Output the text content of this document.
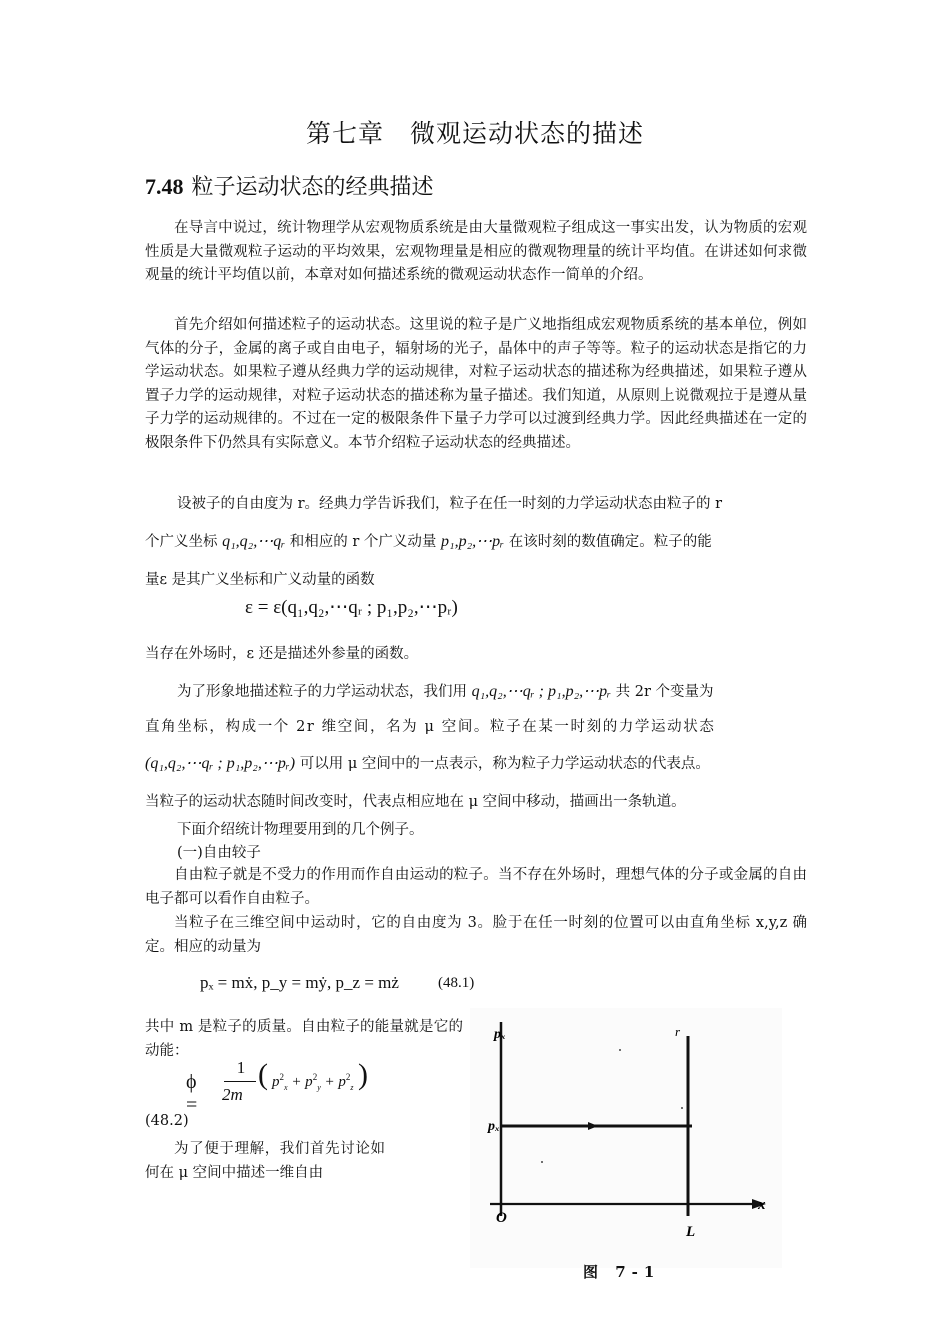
第七章　微观运动状态的描述
7.48 粒子运动状态的经典描述
在导言中说过，统计物理学从宏观物质系统是由大量微观粒子组成这一事实出发，认为物质的宏观性质是大量微观粒子运动的平均效果，宏观物理量是相应的微观物理量的统计平均值。在讲述如何求微观量的统计平均值以前，本章对如何描述系统的微观运动状态作一简单的介绍。
首先介绍如何描述粒子的运动状态。这里说的粒子是广义地指组成宏观物质系统的基本单位，例如气体的分子，金属的离子或自由电子，辐射场的光子，晶体中的声子等等。粒子的运动状态是指它的力学运动状态。如果粒子遵从经典力学的运动规律，对粒子运动状态的描述称为经典描述，如果粒子遵从置子力学的运动规律，对粒子运动状态的描述称为量子描述。我们知道，从原则上说微观拉于是遵从量子力学的运动规律的。不过在一定的极限条件下量子力学可以过渡到经典力学。因此经典描述在一定的极限条件下仍然具有实际意义。本节介绍粒子运动状态的经典描述。
设被子的自由度为 r。经典力学告诉我们，粒子在任一时刻的力学运动状态由粒子的 r
个广义坐标 q₁,q₂,⋯qᵣ 和相应的 r 个广义动量 p₁,p₂,⋯pᵣ 在该时刻的数值确定。粒子的能
量ε 是其广义坐标和广义动量的函数
ε = ε(q₁,q₂,⋯qᵣ ; p₁,p₂,⋯pᵣ)
当存在外场时，ε 还是描述外参量的函数。
为了形象地描述粒子的力学运动状态，我们用 q₁,q₂,⋯qᵣ ; p₁,p₂,⋯pᵣ 共 2r 个变量为
直角坐标，构成一个 2r 维空间，名为 μ 空间。粒子在某一时刻的力学运动状态
(q₁,q₂,⋯qᵣ ; p₁,p₂,⋯pᵣ) 可以用 μ 空间中的一点表示，称为粒子力学运动状态的代表点。
当粒子的运动状态随时间改变时，代表点相应地在 μ 空间中移动，描画出一条轨道。
下面介绍统计物理要用到的几个例子。
(一)自由较子
自由粒子就是不受力的作用而作自由运动的粒子。当不存在外场时，理想气体的分子或金属的自由电子都可以看作自由粒子。
当粒子在三维空间中运动时，它的自由度为 3。脸于在任一时刻的位置可以由直角坐标 x,y,z 确定。相应的动量为
pₓ = mẋ, p_y = mẏ, p_z = mż	(48.1)
共中 m 是粒子的质量。自由粒子的能量就是它的动能：
ϕ =
1
2m
( $p^2_x + p^2_y + p^2_z$ )
(48.2)
为了便于理解，我们首先讨论如何在 μ 空间中描述一维自由
pₓ	r
pₓ
O
L
x
图 7-1
